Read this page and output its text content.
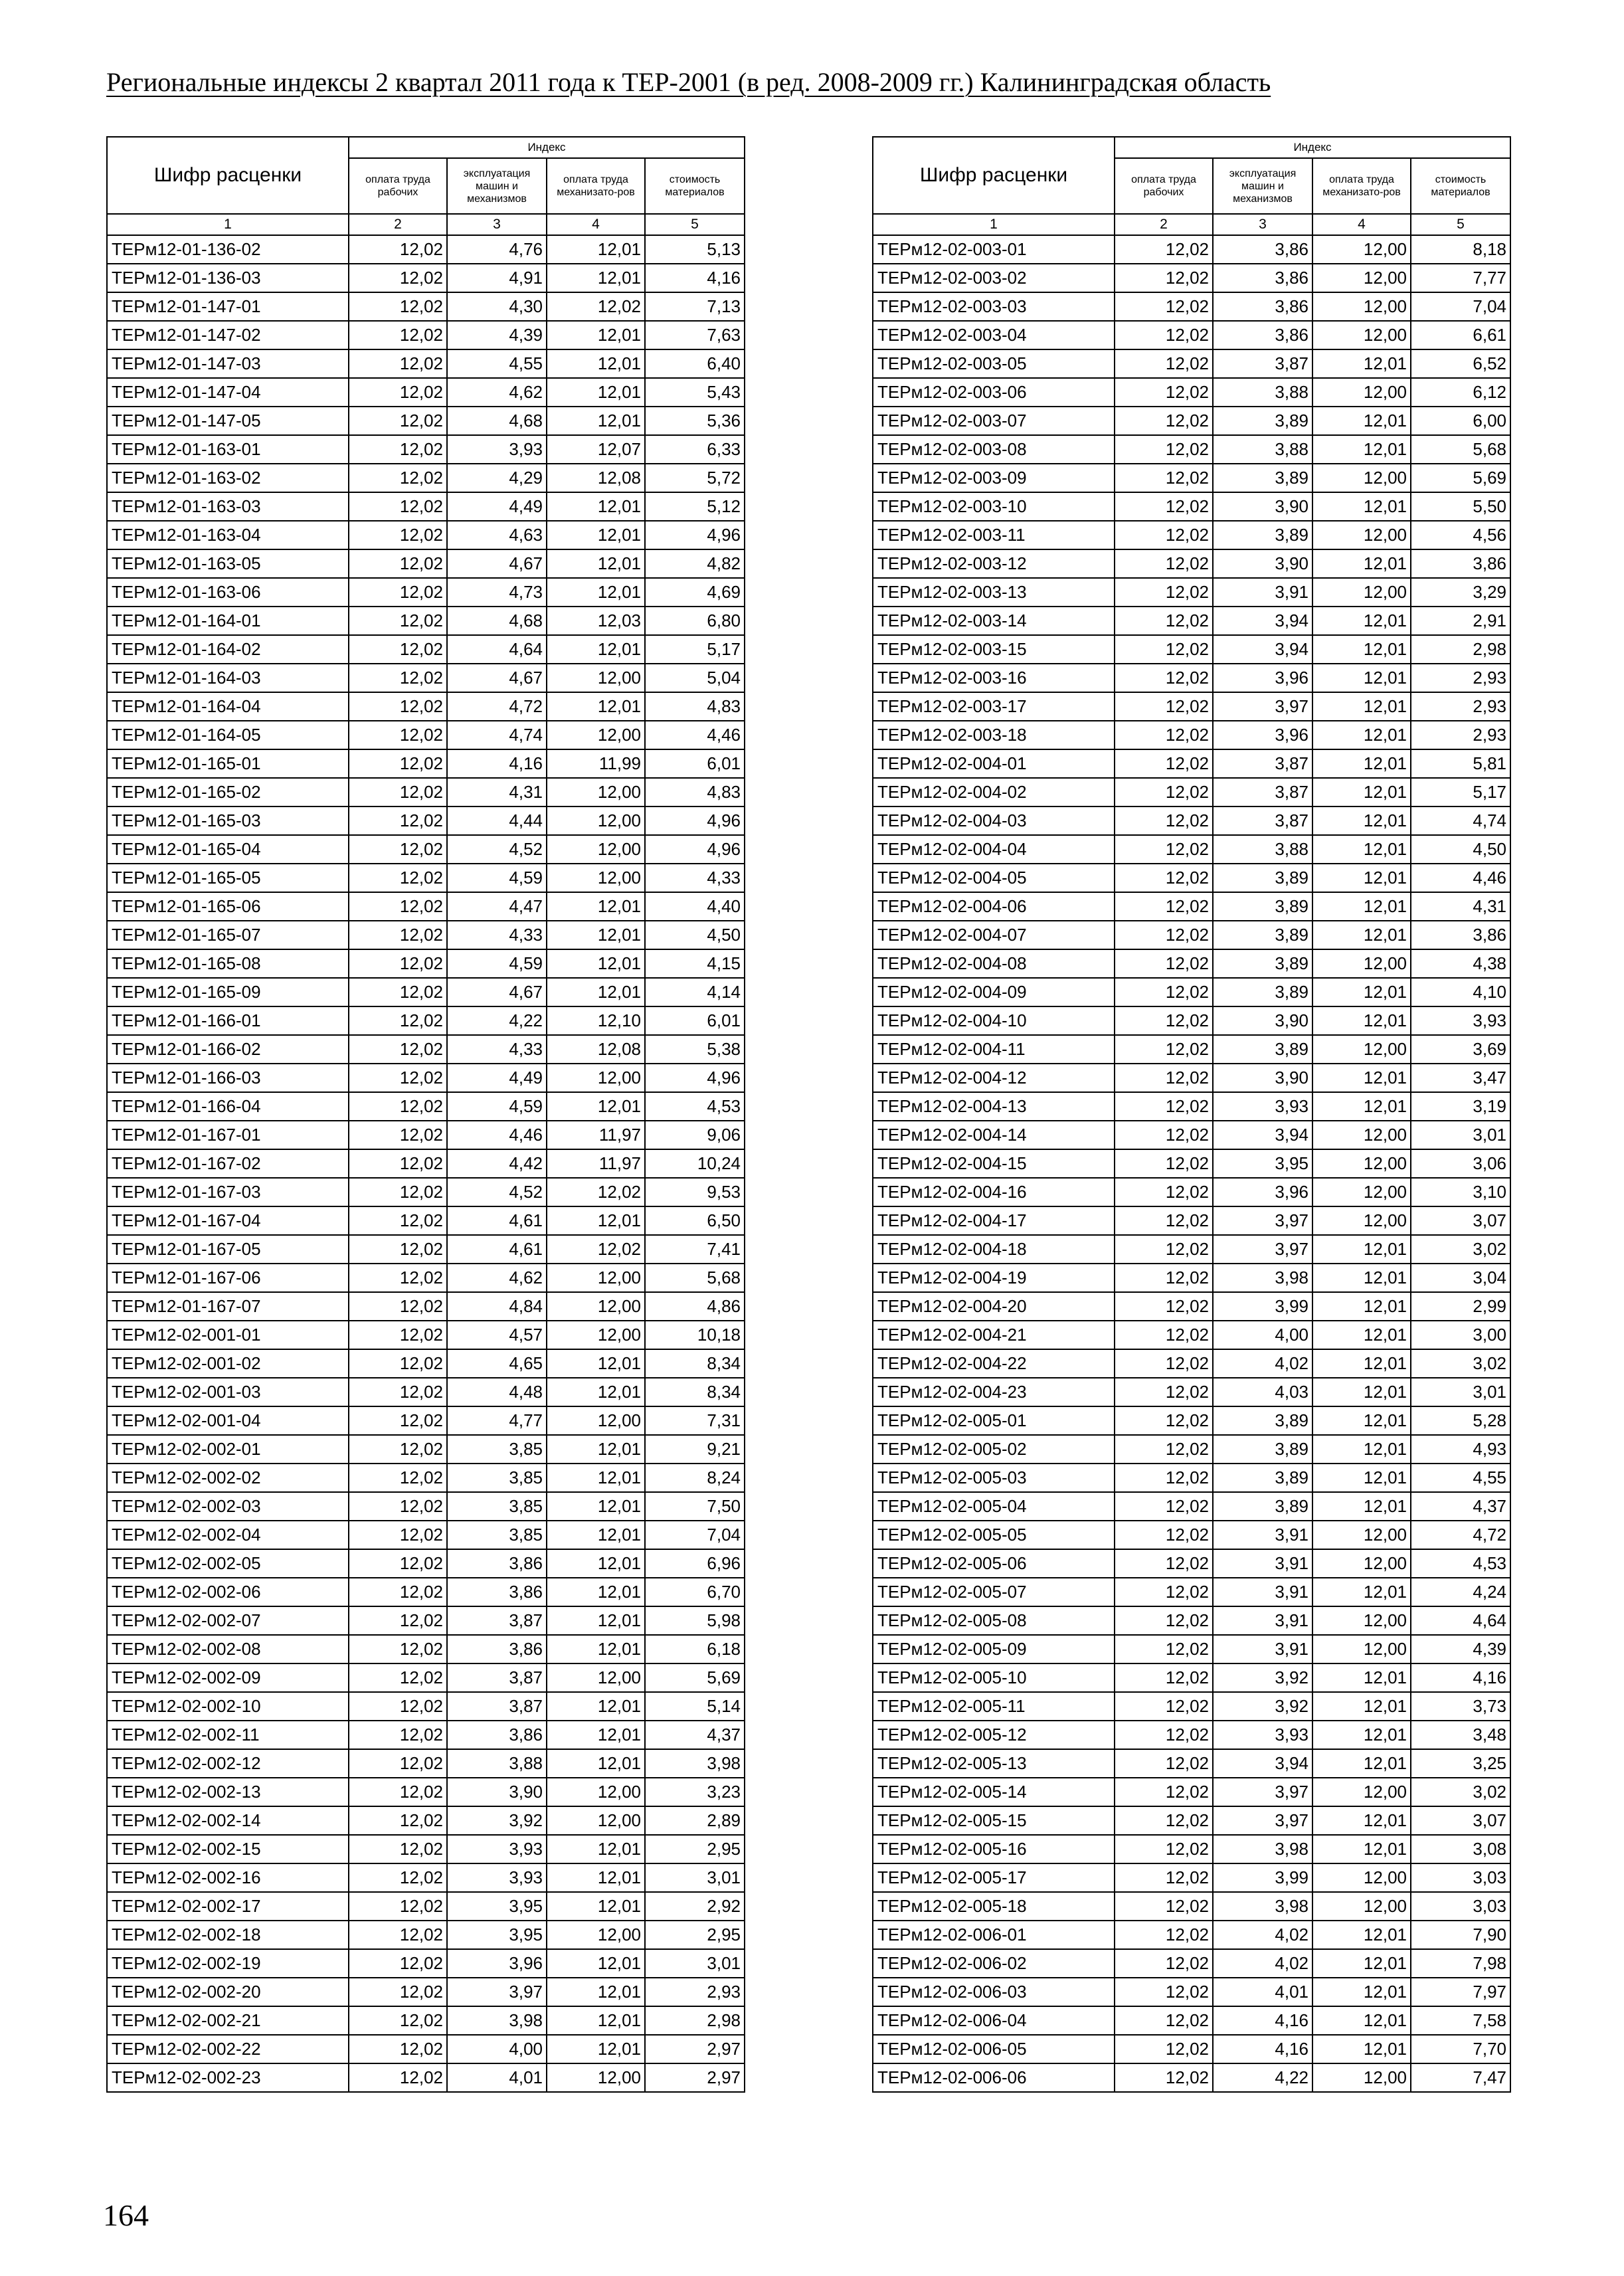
Региональные индексы 2 квартал 2011 года к ТЕР-2001 (в ред. 2008-2009 гг.) Калининградская область
Шифр расценки	Индекс			
	оплата труда рабочих	эксплуатация машин и механизмов	оплата труда механизато-ров	стоимость материалов
1	2	3	4	5
ТЕРм12-01-136-02	12,02	4,76	12,01	5,13
ТЕРм12-01-136-03	12,02	4,91	12,01	4,16
ТЕРм12-01-147-01	12,02	4,30	12,02	7,13
ТЕРм12-01-147-02	12,02	4,39	12,01	7,63
ТЕРм12-01-147-03	12,02	4,55	12,01	6,40
ТЕРм12-01-147-04	12,02	4,62	12,01	5,43
ТЕРм12-01-147-05	12,02	4,68	12,01	5,36
ТЕРм12-01-163-01	12,02	3,93	12,07	6,33
ТЕРм12-01-163-02	12,02	4,29	12,08	5,72
ТЕРм12-01-163-03	12,02	4,49	12,01	5,12
ТЕРм12-01-163-04	12,02	4,63	12,01	4,96
ТЕРм12-01-163-05	12,02	4,67	12,01	4,82
ТЕРм12-01-163-06	12,02	4,73	12,01	4,69
ТЕРм12-01-164-01	12,02	4,68	12,03	6,80
ТЕРм12-01-164-02	12,02	4,64	12,01	5,17
ТЕРм12-01-164-03	12,02	4,67	12,00	5,04
ТЕРм12-01-164-04	12,02	4,72	12,01	4,83
ТЕРм12-01-164-05	12,02	4,74	12,00	4,46
ТЕРм12-01-165-01	12,02	4,16	11,99	6,01
ТЕРм12-01-165-02	12,02	4,31	12,00	4,83
ТЕРм12-01-165-03	12,02	4,44	12,00	4,96
ТЕРм12-01-165-04	12,02	4,52	12,00	4,96
ТЕРм12-01-165-05	12,02	4,59	12,00	4,33
ТЕРм12-01-165-06	12,02	4,47	12,01	4,40
ТЕРм12-01-165-07	12,02	4,33	12,01	4,50
ТЕРм12-01-165-08	12,02	4,59	12,01	4,15
ТЕРм12-01-165-09	12,02	4,67	12,01	4,14
ТЕРм12-01-166-01	12,02	4,22	12,10	6,01
ТЕРм12-01-166-02	12,02	4,33	12,08	5,38
ТЕРм12-01-166-03	12,02	4,49	12,00	4,96
ТЕРм12-01-166-04	12,02	4,59	12,01	4,53
ТЕРм12-01-167-01	12,02	4,46	11,97	9,06
ТЕРм12-01-167-02	12,02	4,42	11,97	10,24
ТЕРм12-01-167-03	12,02	4,52	12,02	9,53
ТЕРм12-01-167-04	12,02	4,61	12,01	6,50
ТЕРм12-01-167-05	12,02	4,61	12,02	7,41
ТЕРм12-01-167-06	12,02	4,62	12,00	5,68
ТЕРм12-01-167-07	12,02	4,84	12,00	4,86
ТЕРм12-02-001-01	12,02	4,57	12,00	10,18
ТЕРм12-02-001-02	12,02	4,65	12,01	8,34
ТЕРм12-02-001-03	12,02	4,48	12,01	8,34
ТЕРм12-02-001-04	12,02	4,77	12,00	7,31
ТЕРм12-02-002-01	12,02	3,85	12,01	9,21
ТЕРм12-02-002-02	12,02	3,85	12,01	8,24
ТЕРм12-02-002-03	12,02	3,85	12,01	7,50
ТЕРм12-02-002-04	12,02	3,85	12,01	7,04
ТЕРм12-02-002-05	12,02	3,86	12,01	6,96
ТЕРм12-02-002-06	12,02	3,86	12,01	6,70
ТЕРм12-02-002-07	12,02	3,87	12,01	5,98
ТЕРм12-02-002-08	12,02	3,86	12,01	6,18
ТЕРм12-02-002-09	12,02	3,87	12,00	5,69
ТЕРм12-02-002-10	12,02	3,87	12,01	5,14
ТЕРм12-02-002-11	12,02	3,86	12,01	4,37
ТЕРм12-02-002-12	12,02	3,88	12,01	3,98
ТЕРм12-02-002-13	12,02	3,90	12,00	3,23
ТЕРм12-02-002-14	12,02	3,92	12,00	2,89
ТЕРм12-02-002-15	12,02	3,93	12,01	2,95
ТЕРм12-02-002-16	12,02	3,93	12,01	3,01
ТЕРм12-02-002-17	12,02	3,95	12,01	2,92
ТЕРм12-02-002-18	12,02	3,95	12,00	2,95
ТЕРм12-02-002-19	12,02	3,96	12,01	3,01
ТЕРм12-02-002-20	12,02	3,97	12,01	2,93
ТЕРм12-02-002-21	12,02	3,98	12,01	2,98
ТЕРм12-02-002-22	12,02	4,00	12,01	2,97
ТЕРм12-02-002-23	12,02	4,01	12,00	2,97
Шифр расценки	Индекс			
	оплата труда рабочих	эксплуатация машин и механизмов	оплата труда механизато-ров	стоимость материалов
1	2	3	4	5
ТЕРм12-02-003-01	12,02	3,86	12,00	8,18
ТЕРм12-02-003-02	12,02	3,86	12,00	7,77
ТЕРм12-02-003-03	12,02	3,86	12,00	7,04
ТЕРм12-02-003-04	12,02	3,86	12,00	6,61
ТЕРм12-02-003-05	12,02	3,87	12,01	6,52
ТЕРм12-02-003-06	12,02	3,88	12,00	6,12
ТЕРм12-02-003-07	12,02	3,89	12,01	6,00
ТЕРм12-02-003-08	12,02	3,88	12,01	5,68
ТЕРм12-02-003-09	12,02	3,89	12,00	5,69
ТЕРм12-02-003-10	12,02	3,90	12,01	5,50
ТЕРм12-02-003-11	12,02	3,89	12,00	4,56
ТЕРм12-02-003-12	12,02	3,90	12,01	3,86
ТЕРм12-02-003-13	12,02	3,91	12,00	3,29
ТЕРм12-02-003-14	12,02	3,94	12,01	2,91
ТЕРм12-02-003-15	12,02	3,94	12,01	2,98
ТЕРм12-02-003-16	12,02	3,96	12,01	2,93
ТЕРм12-02-003-17	12,02	3,97	12,01	2,93
ТЕРм12-02-003-18	12,02	3,96	12,01	2,93
ТЕРм12-02-004-01	12,02	3,87	12,01	5,81
ТЕРм12-02-004-02	12,02	3,87	12,01	5,17
ТЕРм12-02-004-03	12,02	3,87	12,01	4,74
ТЕРм12-02-004-04	12,02	3,88	12,01	4,50
ТЕРм12-02-004-05	12,02	3,89	12,01	4,46
ТЕРм12-02-004-06	12,02	3,89	12,01	4,31
ТЕРм12-02-004-07	12,02	3,89	12,01	3,86
ТЕРм12-02-004-08	12,02	3,89	12,00	4,38
ТЕРм12-02-004-09	12,02	3,89	12,01	4,10
ТЕРм12-02-004-10	12,02	3,90	12,01	3,93
ТЕРм12-02-004-11	12,02	3,89	12,00	3,69
ТЕРм12-02-004-12	12,02	3,90	12,01	3,47
ТЕРм12-02-004-13	12,02	3,93	12,01	3,19
ТЕРм12-02-004-14	12,02	3,94	12,00	3,01
ТЕРм12-02-004-15	12,02	3,95	12,00	3,06
ТЕРм12-02-004-16	12,02	3,96	12,00	3,10
ТЕРм12-02-004-17	12,02	3,97	12,00	3,07
ТЕРм12-02-004-18	12,02	3,97	12,01	3,02
ТЕРм12-02-004-19	12,02	3,98	12,01	3,04
ТЕРм12-02-004-20	12,02	3,99	12,01	2,99
ТЕРм12-02-004-21	12,02	4,00	12,01	3,00
ТЕРм12-02-004-22	12,02	4,02	12,01	3,02
ТЕРм12-02-004-23	12,02	4,03	12,01	3,01
ТЕРм12-02-005-01	12,02	3,89	12,01	5,28
ТЕРм12-02-005-02	12,02	3,89	12,01	4,93
ТЕРм12-02-005-03	12,02	3,89	12,01	4,55
ТЕРм12-02-005-04	12,02	3,89	12,01	4,37
ТЕРм12-02-005-05	12,02	3,91	12,00	4,72
ТЕРм12-02-005-06	12,02	3,91	12,00	4,53
ТЕРм12-02-005-07	12,02	3,91	12,01	4,24
ТЕРм12-02-005-08	12,02	3,91	12,00	4,64
ТЕРм12-02-005-09	12,02	3,91	12,00	4,39
ТЕРм12-02-005-10	12,02	3,92	12,01	4,16
ТЕРм12-02-005-11	12,02	3,92	12,01	3,73
ТЕРм12-02-005-12	12,02	3,93	12,01	3,48
ТЕРм12-02-005-13	12,02	3,94	12,01	3,25
ТЕРм12-02-005-14	12,02	3,97	12,00	3,02
ТЕРм12-02-005-15	12,02	3,97	12,01	3,07
ТЕРм12-02-005-16	12,02	3,98	12,01	3,08
ТЕРм12-02-005-17	12,02	3,99	12,00	3,03
ТЕРм12-02-005-18	12,02	3,98	12,00	3,03
ТЕРм12-02-006-01	12,02	4,02	12,01	7,90
ТЕРм12-02-006-02	12,02	4,02	12,01	7,98
ТЕРм12-02-006-03	12,02	4,01	12,01	7,97
ТЕРм12-02-006-04	12,02	4,16	12,01	7,58
ТЕРм12-02-006-05	12,02	4,16	12,01	7,70
ТЕРм12-02-006-06	12,02	4,22	12,00	7,47
164
